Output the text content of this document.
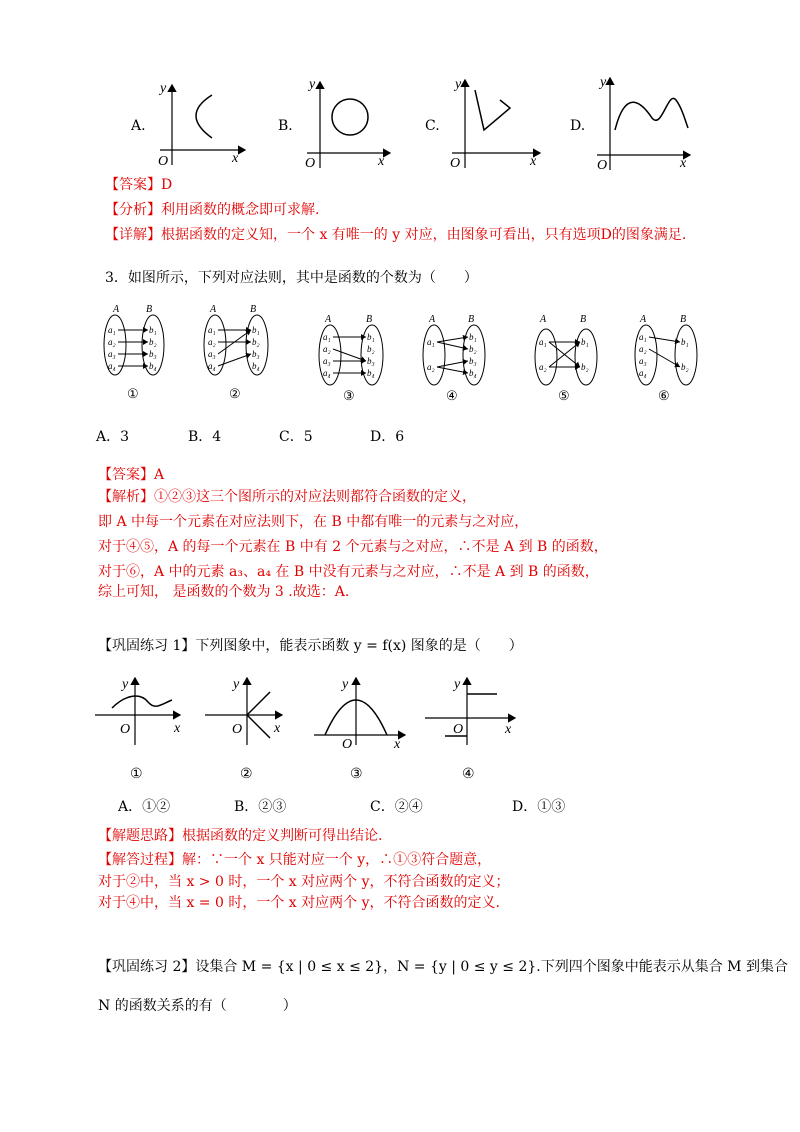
A.	B.	C.	D.
O	x
y
O	x
y
O	x
y
O	x
y
【答案】D
【分析】利用函数的概念即可求解.
【详解】根据函数的定义知，一个 x 有唯一的 y 对应，由图象可看出，只有选项D的图象满足.
3．如图所示，下列对应法则，其中是函数的个数为（　　）
A	B
a₁
a₂
a₃
a₄
b₁
b₂
b₃
b₄
A	B
a₁
a₂
a₃
a₄
b₁
b₂
b₃
b₄
A	B
a₁
a₂
a₃
a₄
b₁
b₂
b₃
b₄
A	B
a₁
a₂
b₁
b₂
b₃
b₄
A	B
a₁
a₂
b₁
b₂
A	B
a₁
a₂
a₃
a₄
b₁
b₂
①	②	③	④	⑤	⑥
A．3	B．4	C．5	D．6
【答案】A
【解析】①②③这三个图所示的对应法则都符合函数的定义，
即 A 中每一个元素在对应法则下，在 B 中都有唯一的元素与之对应，
对于④⑤，A 的每一个元素在 B 中有 2 个元素与之对应，∴不是 A 到 B 的函数，
对于⑥，A 中的元素 a₃、a₄ 在 B 中没有元素与之对应，∴不是 A 到 B 的函数，
综上可知， 是函数的个数为 3 .故选：A.
【巩固练习 1】下列图象中，能表示函数 y = f(x) 图象的是（　　）
O	x
y
①
O x
y
②
O	x
y
③
O	x
y
④
A．①②	B．②③	C．②④	D．①③
【解题思路】根据函数的定义判断可得出结论.
【解答过程】解：∵一个 x 只能对应一个 y，∴①③符合题意，
对于②中，当 x > 0 时，一个 x 对应两个 y，不符合函数的定义；
对于④中，当 x = 0 时，一个 x 对应两个 y，不符合函数的定义.
【巩固练习 2】设集合 M = {x | 0 ≤ x ≤ 2}，N = {y | 0 ≤ y ≤ 2}.下列四个图象中能表示从集合 M 到集合
N 的函数关系的有（　　　　）
